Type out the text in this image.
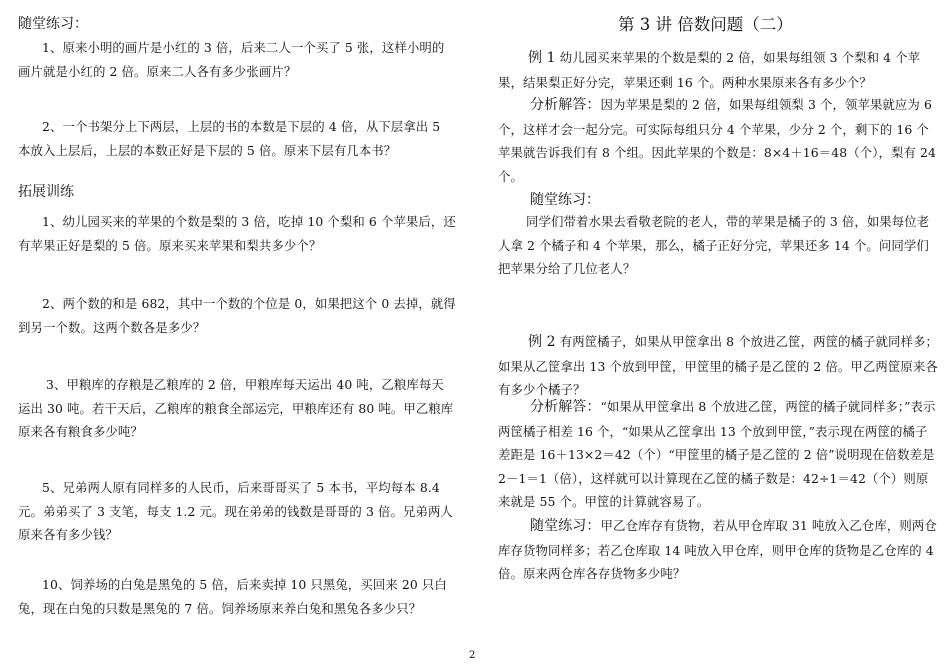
随堂练习：
1、原来小明的画片是小红的 3 倍，后来二人一个买了 5 张，这样小明的画片就是小红的 2 倍。原来二人各有多少张画片？
2、一个书架分上下两层，上层的书的本数是下层的 4 倍，从下层拿出 5 本放入上层后，上层的本数正好是下层的 5 倍。原来下层有几本书？
拓展训练
1、幼儿园买来的苹果的个数是梨的 3 倍，吃掉 10 个梨和 6 个苹果后，还有苹果正好是梨的 5 倍。原来买来苹果和梨共多少个？
2、两个数的和是 682，其中一个数的个位是 0，如果把这个 0 去掉，就得到另一个数。这两个数各是多少？
3、甲粮库的存粮是乙粮库的 2 倍，甲粮库每天运出 40 吨，乙粮库每天运出 30 吨。若干天后，乙粮库的粮食全部运完，甲粮库还有 80 吨。甲乙粮库原来各有粮食多少吨？
5、兄弟两人原有同样多的人民币，后来哥哥买了 5 本书，平均每本 8.4 元。弟弟买了 3 支笔，每支 1.2 元。现在弟弟的钱数是哥哥的 3 倍。兄弟两人原来各有多少钱？
10、饲养场的白兔是黑兔的 5 倍，后来卖掉 10 只黑兔，买回来 20 只白兔，现在白兔的只数是黑兔的 7 倍。饲养场原来养白兔和黑兔各多少只？
第 3 讲 倍数问题（二）
例 1 幼儿园买来苹果的个数是梨的 2 倍，如果每组领 3 个梨和 4 个苹果，结果梨正好分完，苹果还剩 16 个。两种水果原来各有多少个？
分析解答：因为苹果是梨的 2 倍，如果每组领梨 3 个，领苹果就应为 6 个，这样才会一起分完。可实际每组只分 4 个苹果，少分 2 个，剩下的 16 个苹果就告诉我们有 8 个组。因此苹果的个数是：8×4＋16＝48（个），梨有 24 个。
随堂练习：
同学们带着水果去看敬老院的老人，带的苹果是橘子的 3 倍，如果每位老人拿 2 个橘子和 4 个苹果，那么，橘子正好分完，苹果还多 14 个。问同学们把苹果分给了几位老人？
例 2 有两筐橘子，如果从甲筐拿出 8 个放进乙筐，两筐的橘子就同样多；如果从乙筐拿出 13 个放到甲筐，甲筐里的橘子是乙筐的 2 倍。甲乙两筐原来各有多少个橘子？
分析解答：“如果从甲筐拿出 8 个放进乙筐，两筐的橘子就同样多；”表示两筐橘子相差 16 个，“如果从乙筐拿出 13 个放到甲筐，”表示现在两筐的橘子差距是 16＋13×2＝42（个）“甲筐里的橘子是乙筐的 2 倍”说明现在倍数差是 2－1＝1（倍），这样就可以计算现在乙筐的橘子数是：42÷1＝42（个）则原来就是 55 个。甲筐的计算就容易了。
随堂练习：甲乙仓库存有货物，若从甲仓库取 31 吨放入乙仓库，则两仓库存货物同样多；若乙仓库取 14 吨放入甲仓库，则甲仓库的货物是乙仓库的 4 倍。原来两仓库各存货物多少吨？
2
